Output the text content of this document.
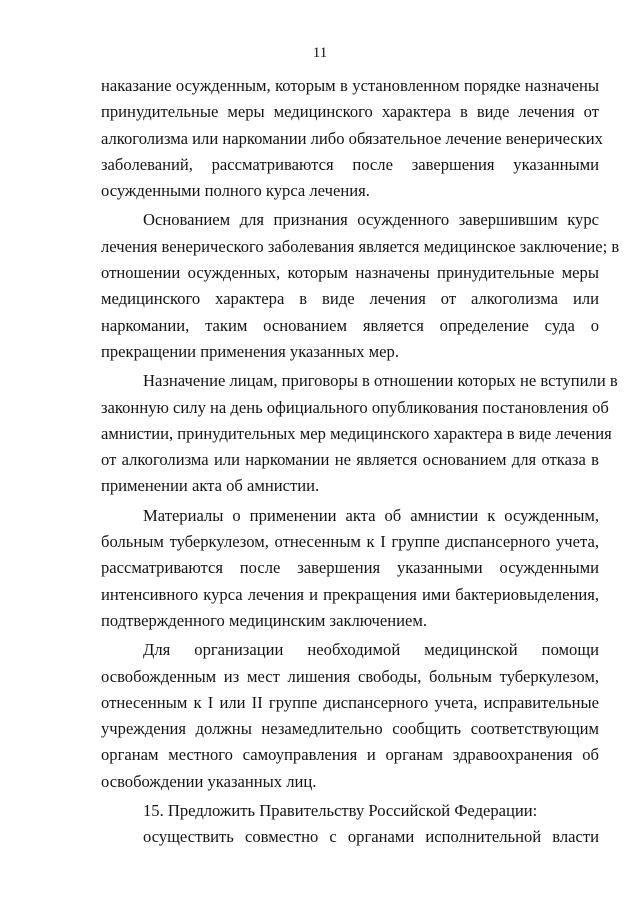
11
наказание осужденным, которым в установленном порядке назначены
принудительные меры медицинского характера в виде лечения от
алкоголизма или наркомании либо обязательное лечение венерических
заболеваний, рассматриваются после завершения указанными
осужденными полного курса лечения.
Основанием для признания осужденного завершившим курс
лечения венерического заболевания является медицинское заключение; в
отношении осужденных, которым назначены принудительные меры
медицинского характера в виде лечения от алкоголизма или
наркомании, таким основанием является определение суда о
прекращении применения указанных мер.
Назначение лицам, приговоры в отношении которых не вступили в
законную силу на день официального опубликования постановления об
амнистии, принудительных мер медицинского характера в виде лечения
от алкоголизма или наркомании не является основанием для отказа в
применении акта об амнистии.
Материалы о применении акта об амнистии к осужденным,
больным туберкулезом, отнесенным к I группе диспансерного учета,
рассматриваются после завершения указанными осужденными
интенсивного курса лечения и прекращения ими бактериовыделения,
подтвержденного медицинским заключением.
Для организации необходимой медицинской помощи
освобожденным из мест лишения свободы, больным туберкулезом,
отнесенным к I или II группе диспансерного учета, исправительные
учреждения должны незамедлительно сообщить соответствующим
органам местного самоуправления и органам здравоохранения об
освобождении указанных лиц.
15. Предложить Правительству Российской Федерации:
осуществить совместно с органами исполнительной власти
